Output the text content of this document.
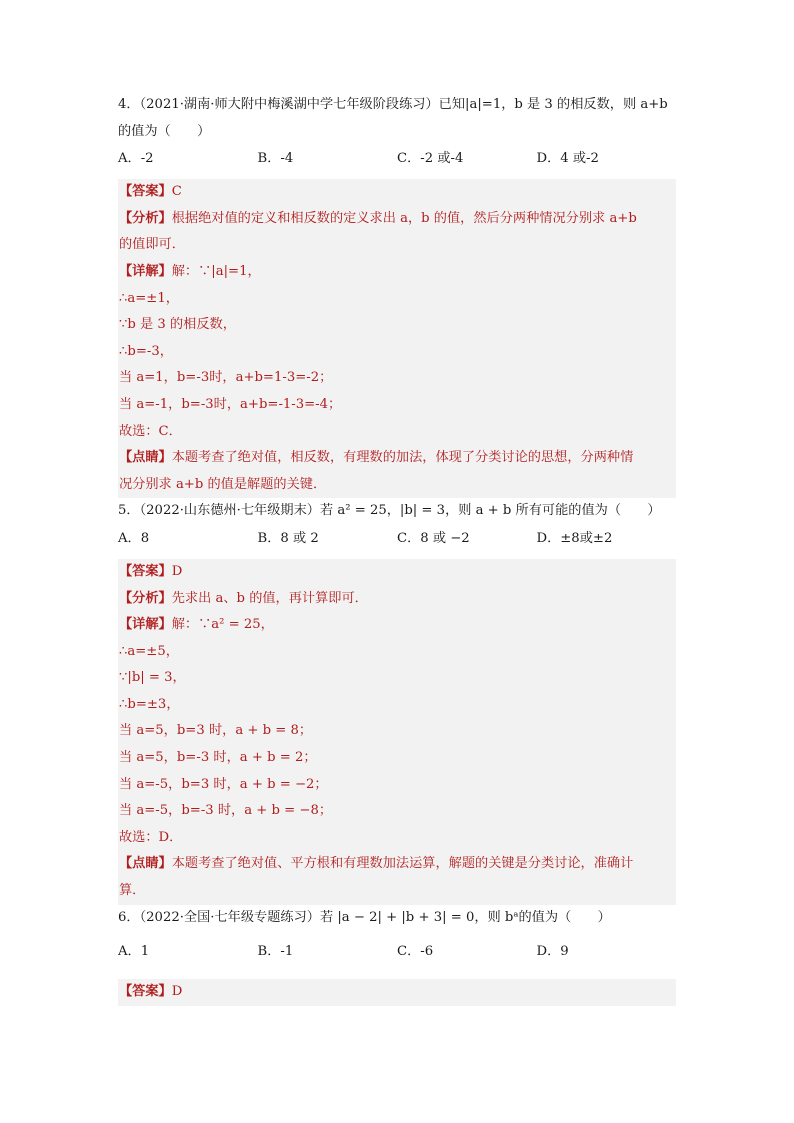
4．（2021·湖南·师大附中梅溪湖中学七年级阶段练习）已知|a|=1，b 是 3 的相反数，则 a+b
的值为（　　）
A．-2	B．-4	C．-2 或-4	D．4 或-2
【答案】C
【分析】根据绝对值的定义和相反数的定义求出 a，b 的值，然后分两种情况分别求 a+b
的值即可．
【详解】解：∵|a|=1，
∴a=±1，
∵b 是 3 的相反数，
∴b=-3，
当 a=1，b=-3时，a+b=1-3=-2；
当 a=-1，b=-3时，a+b=-1-3=-4；
故选：C．
【点睛】本题考查了绝对值，相反数，有理数的加法，体现了分类讨论的思想，分两种情
况分别求 a+b 的值是解题的关键．
5．（2022·山东德州·七年级期末）若 a² = 25，|b| = 3，则 a + b 所有可能的值为（　　）
A．8	B．8 或 2	C．8 或 −2	D．±8或±2
【答案】D
【分析】先求出 a、b 的值，再计算即可．
【详解】解：∵a² = 25，
∴a=±5，
∵|b| = 3，
∴b=±3，
当 a=5，b=3 时，a + b = 8；
当 a=5，b=-3 时，a + b = 2；
当 a=-5，b=3 时，a + b = −2；
当 a=-5，b=-3 时，a + b = −8；
故选：D．
【点睛】本题考查了绝对值、平方根和有理数加法运算，解题的关键是分类讨论，准确计
算．
6．（2022·全国·七年级专题练习）若 |a − 2| + |b + 3| = 0，则 bᵃ的值为（　　）
A．1	B．-1	C．-6	D．9
【答案】D
